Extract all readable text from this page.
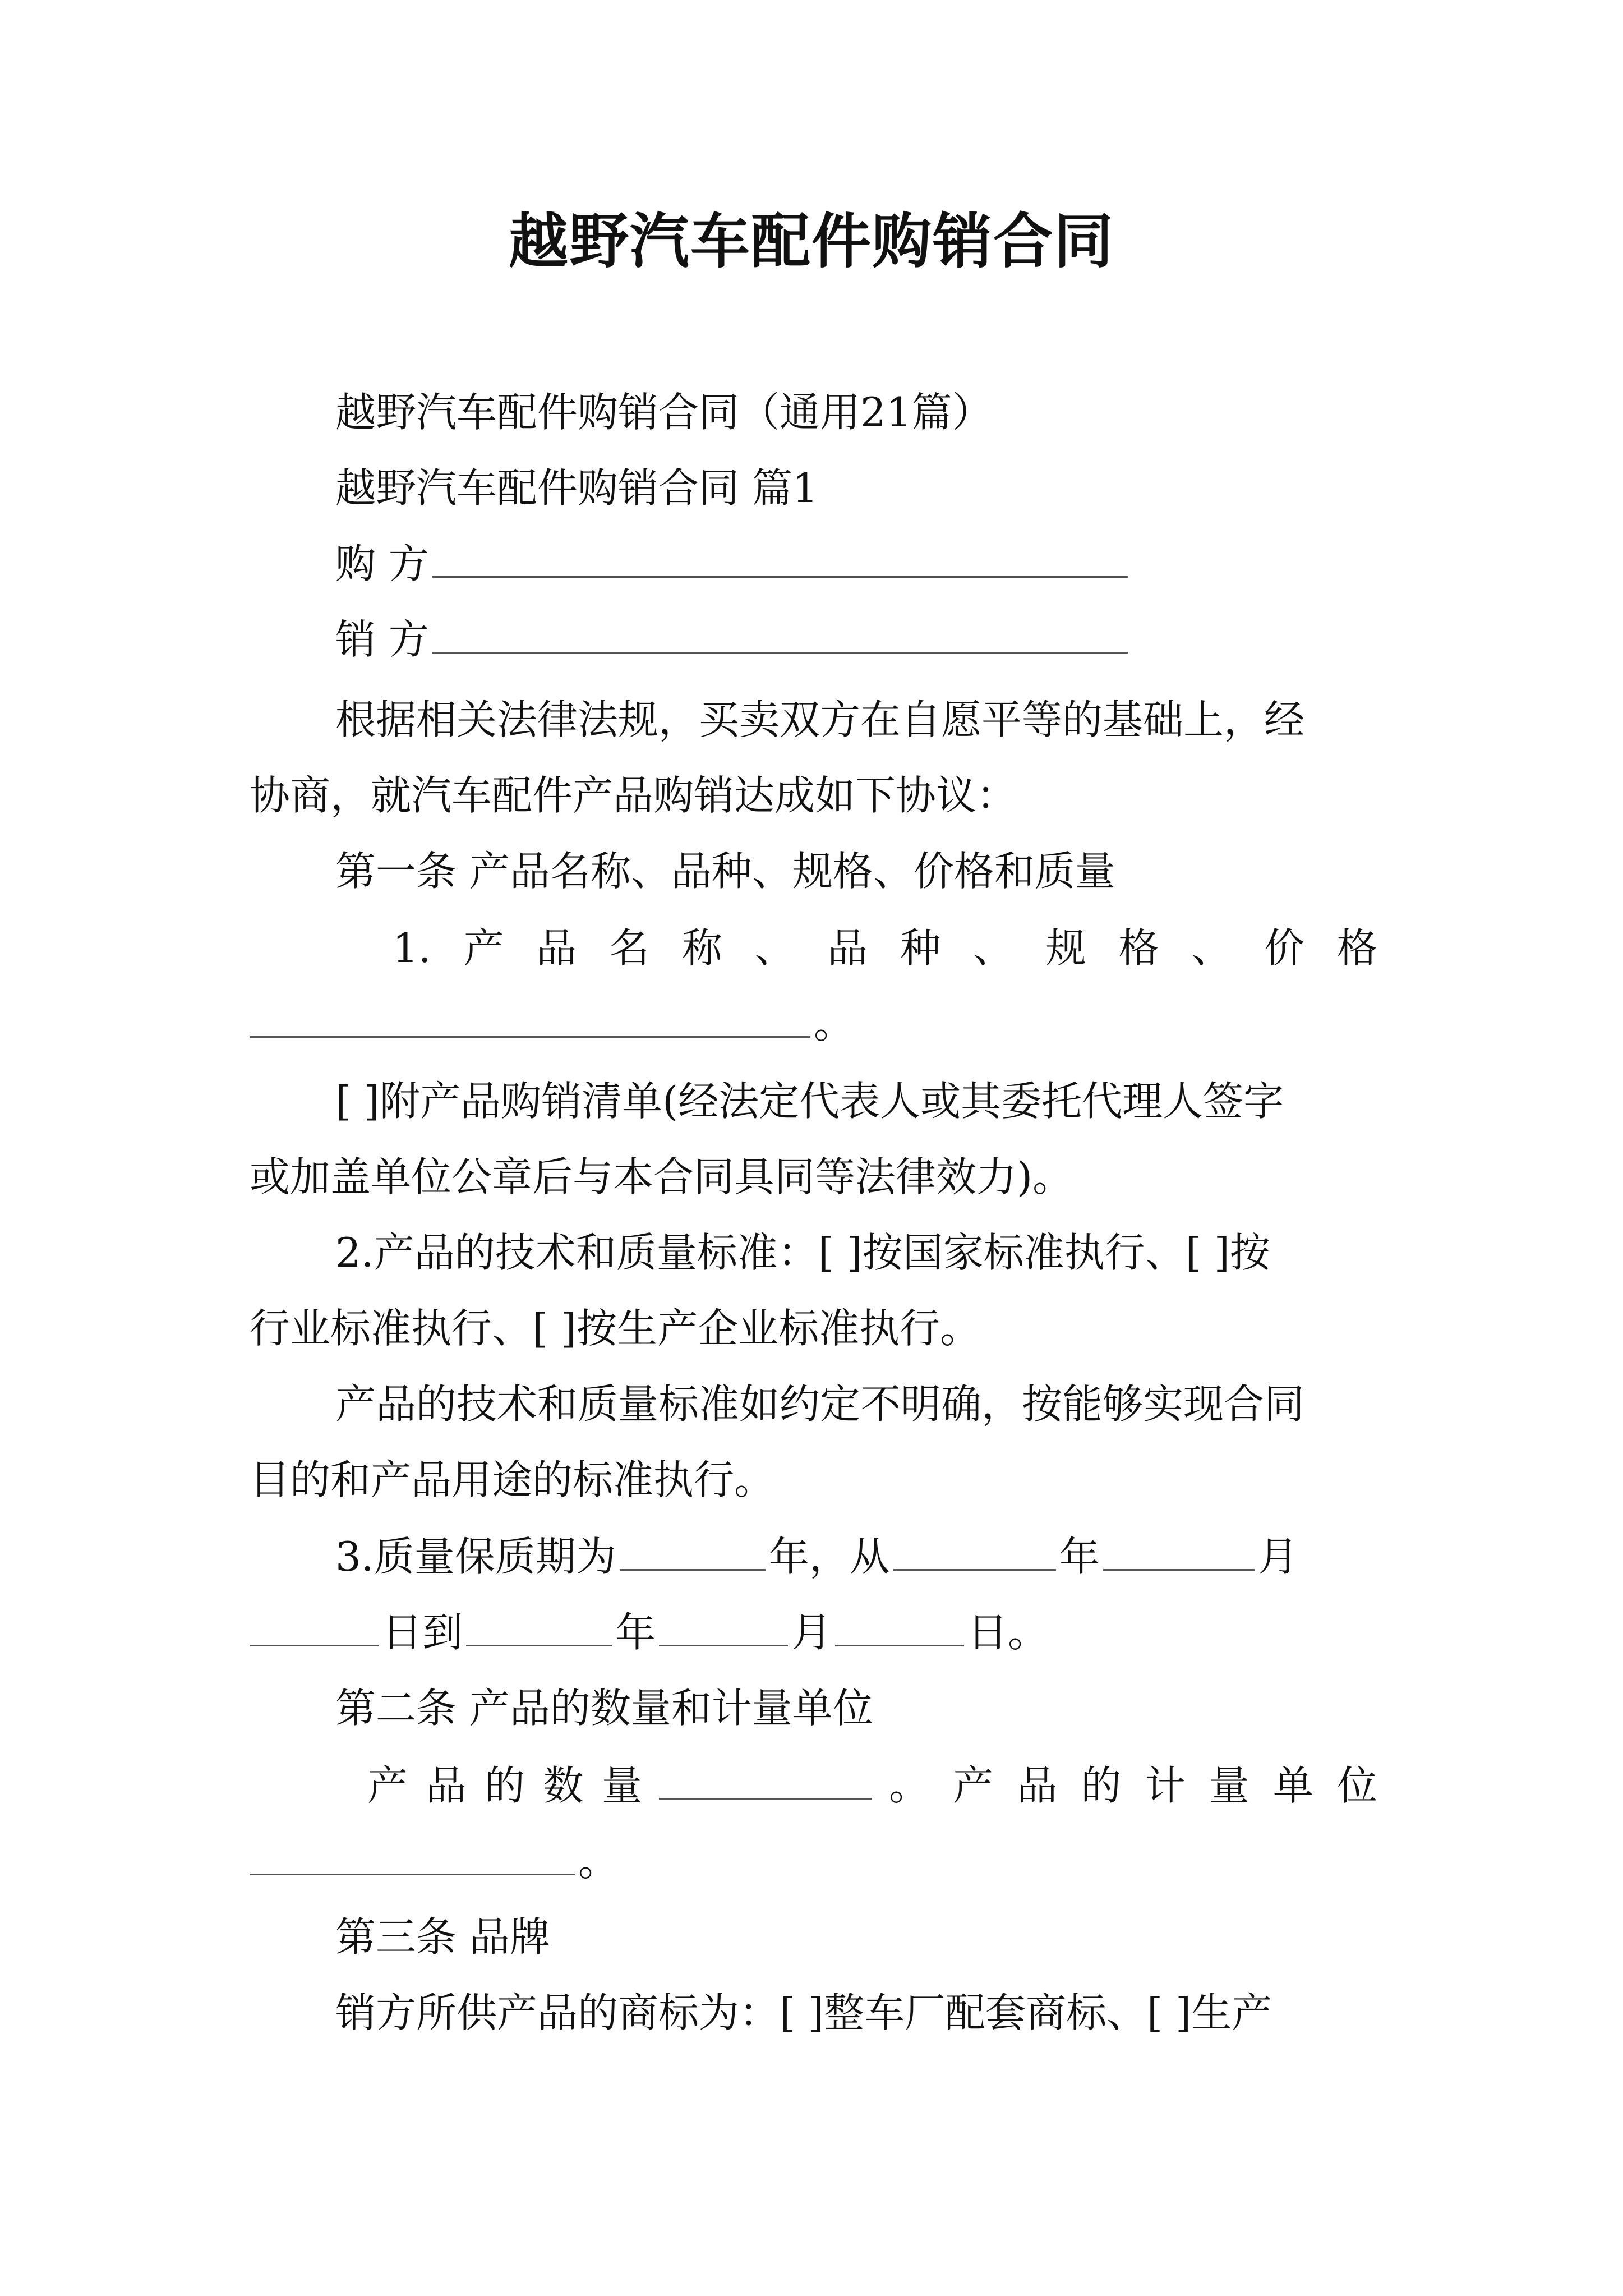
越野汽车配件购销合同
越野汽车配件购销合同（通用21篇）
越野汽车配件购销合同 篇1
购 方
销 方
根据相关法律法规，买卖双方在自愿平等的基础上，经
协商，就汽车配件产品购销达成如下协议：
第一条 产品名称、品种、规格、价格和质量
1. 产 品 名 称 、 品 种 、 规 格 、 价 格
。
[ ]附产品购销清单(经法定代表人或其委托代理人签字
或加盖单位公章后与本合同具同等法律效力)。
2.产品的技术和质量标准：[ ]按国家标准执行、[ ]按
行业标准执行、[ ]按生产企业标准执行。
产品的技术和质量标准如约定不明确，按能够实现合同
目的和产品用途的标准执行。
3.质量保质期为	年，从	年	月
日到	年	月	日。
第二条 产品的数量和计量单位
产 品 的 数 量	。 产 品 的 计 量 单 位
。
第三条 品牌
销方所供产品的商标为：[ ]整车厂配套商标、[ ]生产
